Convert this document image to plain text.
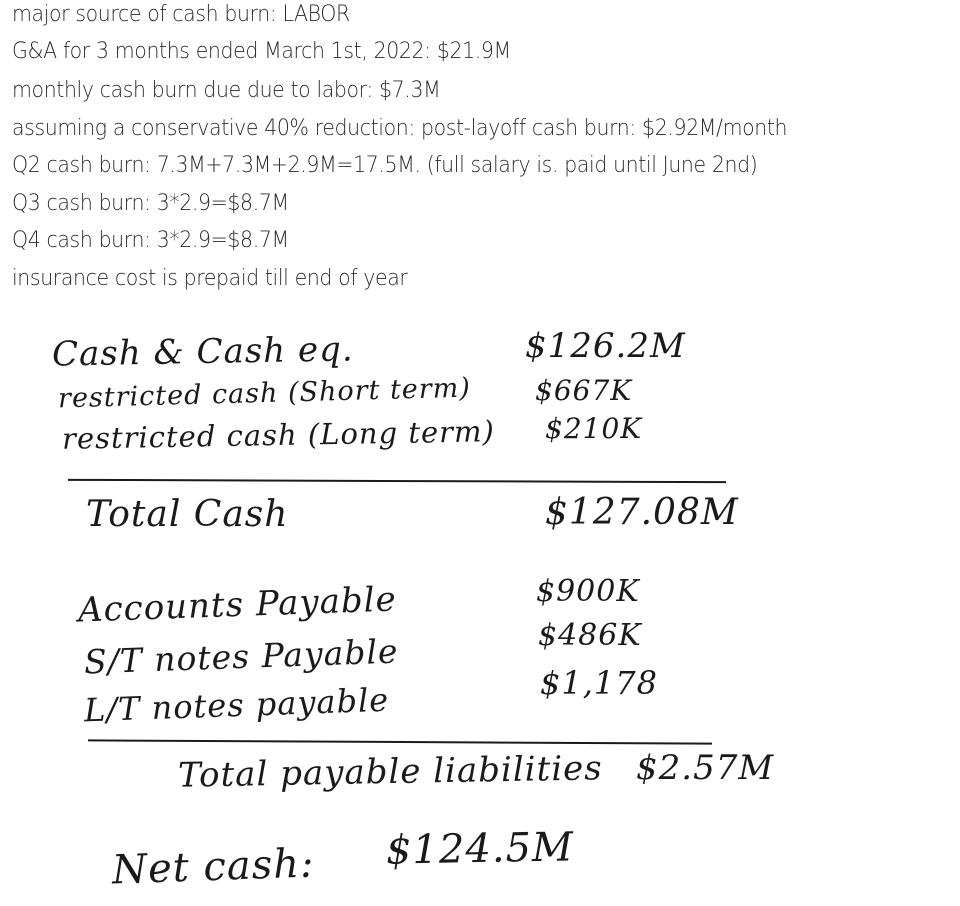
major source of cash burn: LABOR
G&A for 3 months ended March 1st, 2022: $21.9M
monthly cash burn due due to labor: $7.3M
assuming a conservative 40% reduction: post-layoff cash burn: $2.92M/month
Q2 cash burn: 7.3M+7.3M+2.9M=17.5M. (full salary is. paid until June 2nd)
Q3 cash burn: 3*2.9=$8.7M
Q4 cash burn: 3*2.9=$8.7M
insurance cost is prepaid till end of year
Cash & Cash eq.	$126.2M
restricted cash (Short term) $667K
restricted cash (Long term) $210K
Total Cash	$127.08M
Accounts Payable	$900K
S/T notes Payable	$486K
L/T notes payable	$1,178
Total payable liabilities $2.57M
Net cash: $124.5M
